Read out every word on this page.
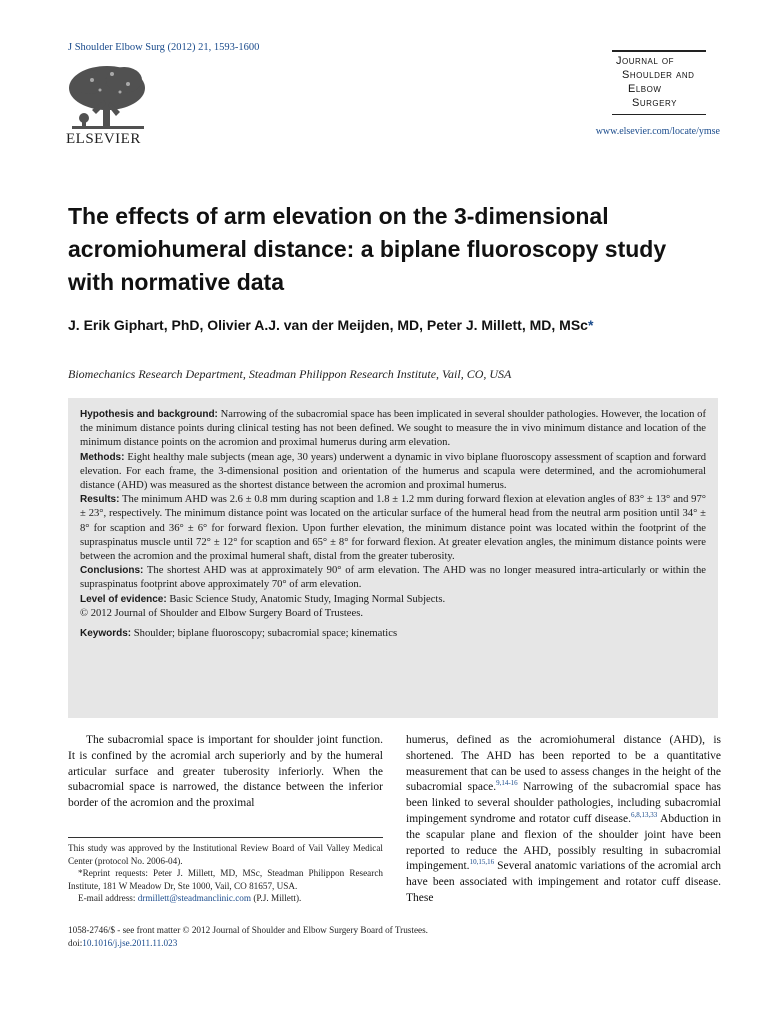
J Shoulder Elbow Surg (2012) 21, 1593-1600
ELSEVIER
Journal of
Shoulder and
Elbow
Surgery
www.elsevier.com/locate/ymse
The effects of arm elevation on the 3-dimensional acromiohumeral distance: a biplane fluoroscopy study with normative data
J. Erik Giphart, PhD, Olivier A.J. van der Meijden, MD, Peter J. Millett, MD, MSc*
Biomechanics Research Department, Steadman Philippon Research Institute, Vail, CO, USA

Hypothesis and background: Narrowing of the subacromial space has been implicated in several shoulder pathologies. However, the location of the minimum distance points during clinical testing has not been defined. We sought to measure the in vivo minimum distance and location of the minimum distance points on the acromion and proximal humerus during arm elevation.

Methods: Eight healthy male subjects (mean age, 30 years) underwent a dynamic in vivo biplane fluoroscopy assessment of scaption and forward elevation. For each frame, the 3-dimensional position and orientation of the humerus and scapula were determined, and the acromiohumeral distance (AHD) was measured as the shortest distance between the acromion and proximal humerus.

Results: The minimum AHD was 2.6 ± 0.8 mm during scaption and 1.8 ± 1.2 mm during forward flexion at elevation angles of 83° ± 13° and 97° ± 23°, respectively. The minimum distance point was located on the articular surface of the humeral head from the neutral arm position until 34° ± 8° for scaption and 36° ± 6° for forward flexion. Upon further elevation, the minimum distance point was located within the footprint of the supraspinatus muscle until 72° ± 12° for scaption and 65° ± 8° for forward flexion. At greater elevation angles, the minimum distance points were between the acromion and the proximal humeral shaft, distal from the greater tuberosity.

Conclusions: The shortest AHD was at approximately 90° of arm elevation. The AHD was no longer measured intra-articularly or within the supraspinatus footprint above approximately 70° of arm elevation.

Level of evidence: Basic Science Study, Anatomic Study, Imaging Normal Subjects.

© 2012 Journal of Shoulder and Elbow Surgery Board of Trustees.

Keywords: Shoulder; biplane fluoroscopy; subacromial space; kinematics

The subacromial space is important for shoulder joint function. It is confined by the acromial arch superiorly and by the humeral articular surface and greater tuberosity inferiorly. When the subacromial space is narrowed, the distance between the inferior border of the acromion and the proximal

humerus, defined as the acromiohumeral distance (AHD), is shortened. The AHD has been reported to be a quantitative measurement that can be used to assess changes in the height of the subacromial space.$^{9,14-16}$ Narrowing of the subacromial space has been linked to several shoulder pathologies, including subacromial impingement syndrome and rotator cuff disease.$^{6,8,13,33}$ Abduction in the scapular plane and flexion of the shoulder joint have been reported to reduce the AHD, possibly resulting in subacromial impingement.$^{10,15,16}$ Several anatomic variations of the acromial arch have been associated with impingement and rotator cuff disease. These

This study was approved by the Institutional Review Board of Vail Valley Medical Center (protocol No. 2006-04).

*Reprint requests: Peter J. Millett, MD, MSc, Steadman Philippon Research Institute, 181 W Meadow Dr, Ste 1000, Vail, CO 81657, USA.

E-mail address: drmillett@steadmanclinic.com (P.J. Millett).

1058-2746/$ - see front matter © 2012 Journal of Shoulder and Elbow Surgery Board of Trustees.
doi:10.1016/j.jse.2011.11.023
